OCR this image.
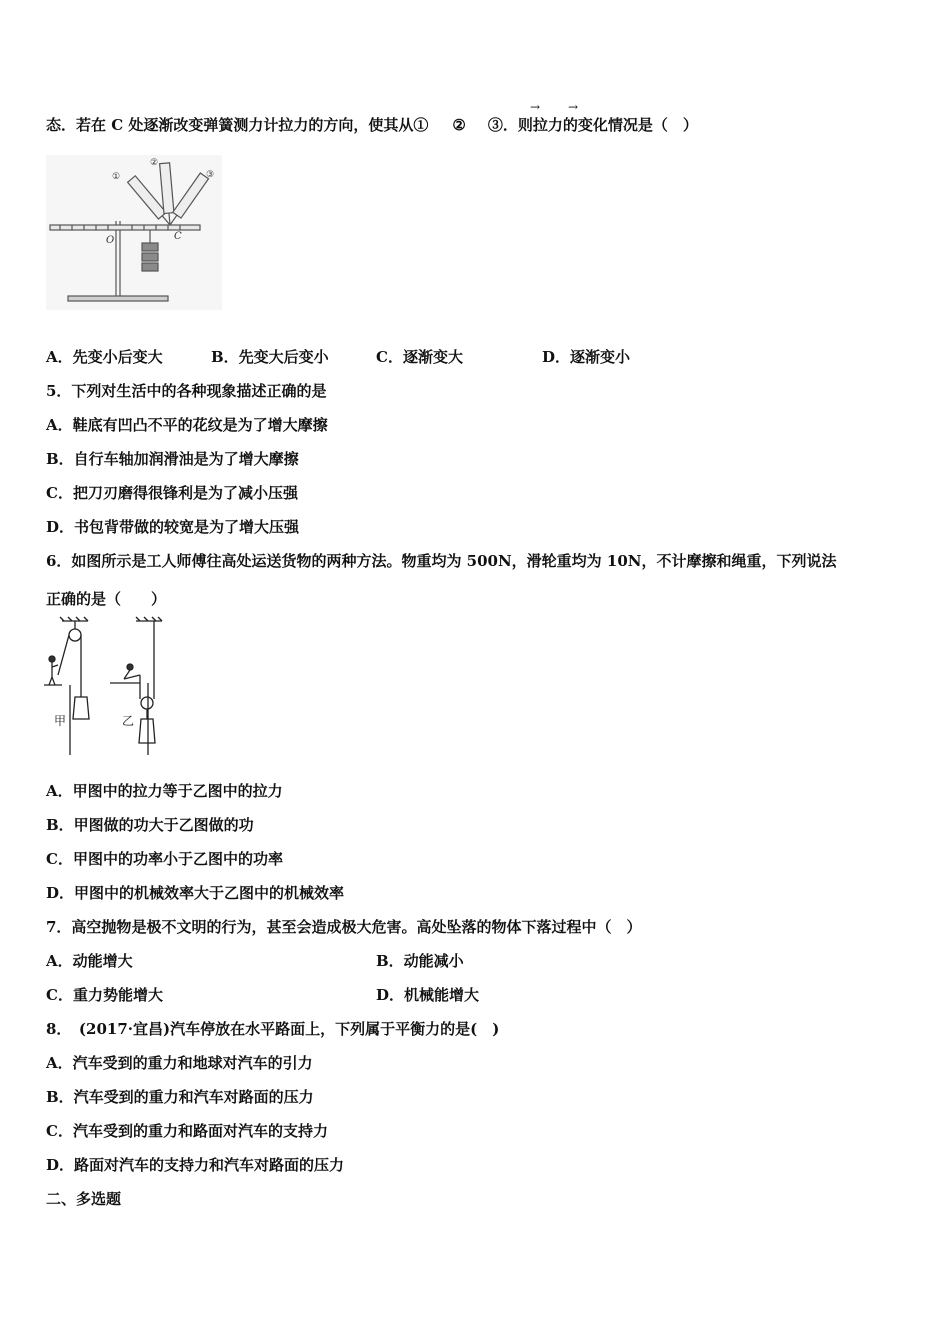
态．若在 C 处逐渐改变弹簧测力计拉力的方向，使其从① ② ③．则拉力的变化情况是（　）
→ →
O	C
①
②
③
A．先变小后变大	B．先变大后变小	C．逐渐变大	D．逐渐变小
5．下列对生活中的各种现象描述正确的是
A．鞋底有凹凸不平的花纹是为了增大摩擦
B．自行车轴加润滑油是为了增大摩擦
C．把刀刃磨得很锋利是为了减小压强
D．书包背带做的较宽是为了增大压强
6．如图所示是工人师傅往高处运送货物的两种方法。物重均为 500N，滑轮重均为 10N，不计摩擦和绳重，下列说法
正确的是（　　）
甲	乙
A．甲图中的拉力等于乙图中的拉力
B．甲图做的功大于乙图做的功
C．甲图中的功率小于乙图中的功率
D．甲图中的机械效率大于乙图中的机械效率
7．高空抛物是极不文明的行为，甚至会造成极大危害。高处坠落的物体下落过程中（　）
A．动能增大	B．动能减小
C．重力势能增大	D．机械能增大
8．　(2017·宜昌)汽车停放在水平路面上，下列属于平衡力的是(　)
A．汽车受到的重力和地球对汽车的引力
B．汽车受到的重力和汽车对路面的压力
C．汽车受到的重力和路面对汽车的支持力
D．路面对汽车的支持力和汽车对路面的压力
二、多选题
